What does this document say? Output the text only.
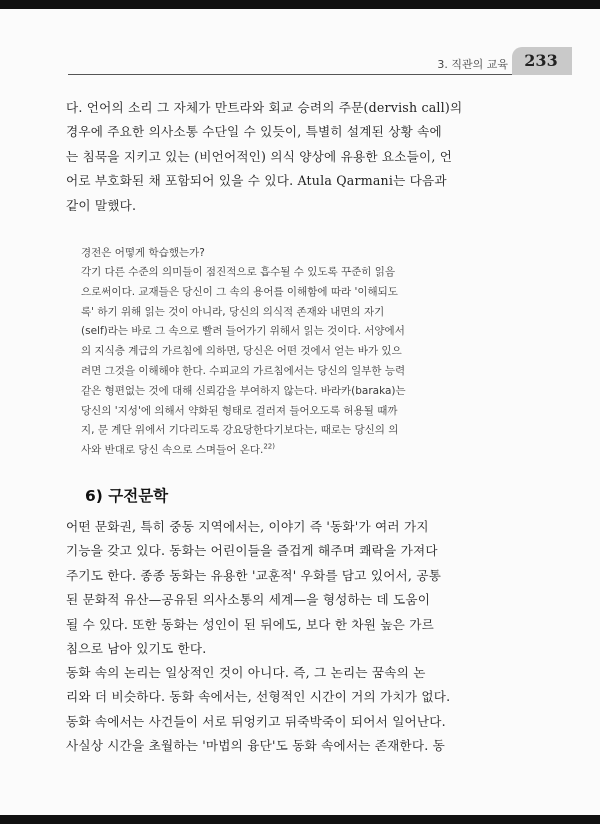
3. 직관의 교육	233

다. 언어의 소리 그 자체가 만트라와 회교 승려의 주문(dervish call)의
경우에 주요한 의사소통 수단일 수 있듯이, 특별히 설계된 상황 속에
는 침묵을 지키고 있는 (비언어적인) 의식 양상에 유용한 요소들이, 언
어로 부호화된 채 포함되어 있을 수 있다. Atula Qarmani는 다음과
같이 말했다.

경전은 어떻게 학습했는가?
각기 다른 수준의 의미들이 점진적으로 흡수될 수 있도록 꾸준히 읽음
으로써이다. 교재들은 당신이 그 속의 용어를 이해함에 따라 '이해되도
록' 하기 위해 읽는 것이 아니라, 당신의 의식적 존재와 내면의 자기
(self)라는 바로 그 속으로 빨려 들어가기 위해서 읽는 것이다. 서양에서
의 지식층 계급의 가르침에 의하면, 당신은 어떤 것에서 얻는 바가 있으
려면 그것을 이해해야 한다. 수피교의 가르침에서는 당신의 일부한 능력
같은 형편없는 것에 대해 신뢰감을 부여하지 않는다. 바라카(baraka)는
당신의 '지성'에 의해서 약화된 형태로 걸러져 들어오도록 허용될 때까
지, 문 계단 위에서 기다리도록 강요당한다기보다는, 때로는 당신의 의
사와 반대로 당신 속으로 스며들어 온다.$^{22)}$
6) 구전문학

어떤 문화권, 특히 중동 지역에서는, 이야기 즉 '동화'가 여러 가지
기능을 갖고 있다. 동화는 어린이들을 즐겁게 해주며 쾌락을 가져다
주기도 한다. 종종 동화는 유용한 '교훈적' 우화를 담고 있어서, 공통
된 문화적 유산—공유된 의사소통의 세계—을 형성하는 데 도움이
될 수 있다. 또한 동화는 성인이 된 뒤에도, 보다 한 차원 높은 가르
침으로 남아 있기도 한다.

동화 속의 논리는 일상적인 것이 아니다. 즉, 그 논리는 꿈속의 논
리와 더 비슷하다. 동화 속에서는, 선형적인 시간이 거의 가치가 없다.
동화 속에서는 사건들이 서로 뒤엉키고 뒤죽박죽이 되어서 일어난다.
사실상 시간을 초월하는 '마법의 융단'도 동화 속에서는 존재한다. 동
